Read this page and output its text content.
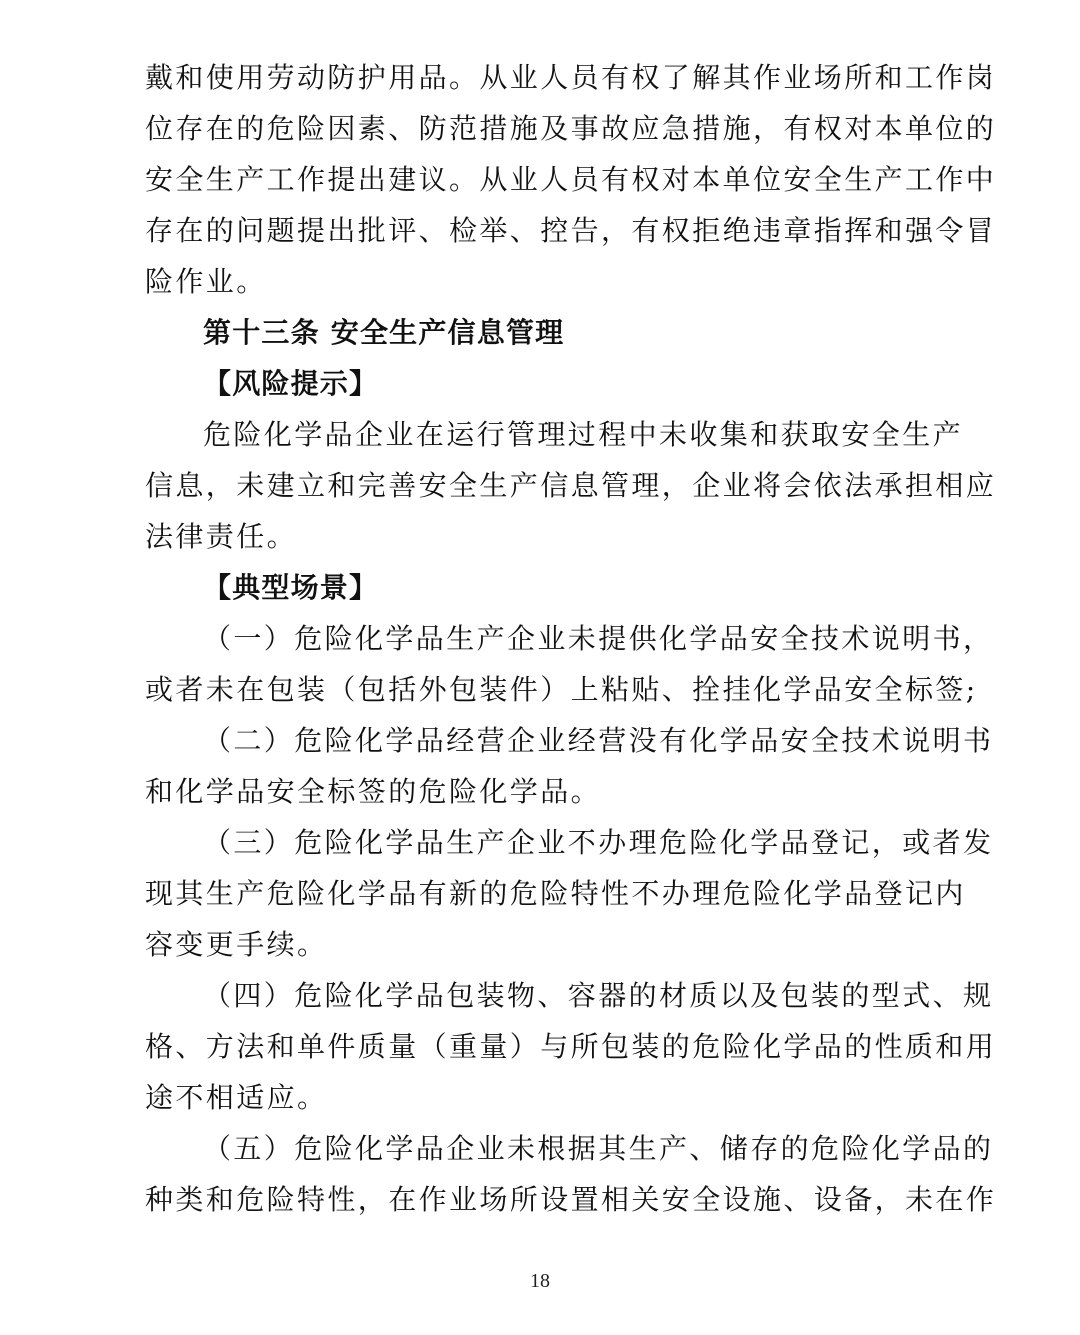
戴和使用劳动防护用品。从业人员有权了解其作业场所和工作岗
位存在的危险因素、防范措施及事故应急措施，有权对本单位的
安全生产工作提出建议。从业人员有权对本单位安全生产工作中
存在的问题提出批评、检举、控告，有权拒绝违章指挥和强令冒
险作业。

第十三条 安全生产信息管理

【风险提示】

危险化学品企业在运行管理过程中未收集和获取安全生产
信息，未建立和完善安全生产信息管理，企业将会依法承担相应
法律责任。

【典型场景】

（一）危险化学品生产企业未提供化学品安全技术说明书，
或者未在包装（包括外包装件）上粘贴、拴挂化学品安全标签;

（二）危险化学品经营企业经营没有化学品安全技术说明书
和化学品安全标签的危险化学品。

（三）危险化学品生产企业不办理危险化学品登记，或者发
现其生产危险化学品有新的危险特性不办理危险化学品登记内
容变更手续。

（四）危险化学品包装物、容器的材质以及包装的型式、规
格、方法和单件质量（重量）与所包装的危险化学品的性质和用
途不相适应。

（五）危险化学品企业未根据其生产、储存的危险化学品的
种类和危险特性，在作业场所设置相关安全设施、设备，未在作

18
